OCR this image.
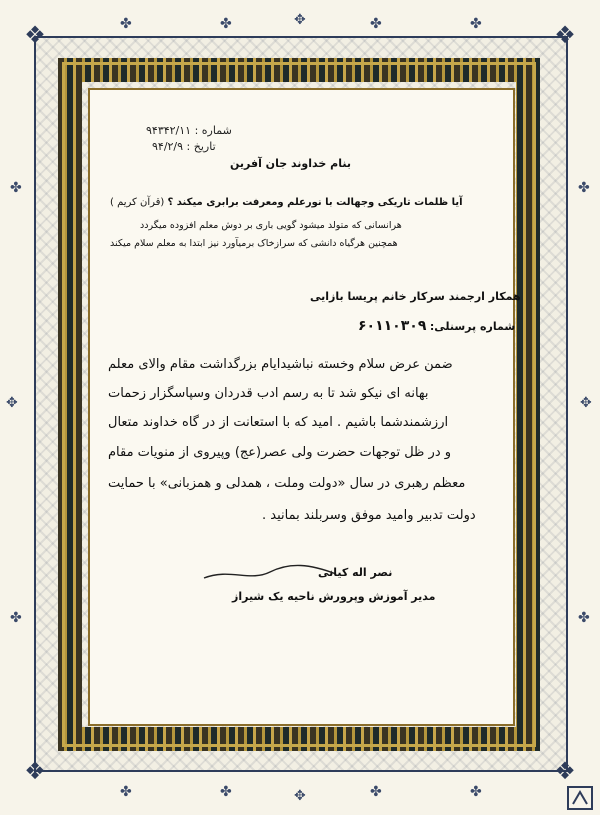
❖	❖
❖	❖
✤	✤	✥	✤	✤
✤	✤	✥	✤	✤
✤
✥
✤
✤
✥
✤
شماره : ۹۴۳۴۲/۱۱
تاریخ : ۹۴/۲/۹
بنام خداوند جان آفرین
آیا ظلمات تاریکی وجهالت با نورعلم ومعرفت برابری میکند ؟ (قرآن کریم )
هرانسانی که متولد میشود گویی باری بر دوش معلم افزوده میگردد
همچنین هرگیاه دانشی که سرازخاک برمیآورد نیز ابتدا به معلم سلام میکند
همکار ارجمند سرکار خانم پریسا بازایی
شماره پرسنلی: ۶۰۱۱۰۳۰۹
ضمن عرض سلام وخسته نباشیدایام بزرگداشت مقام والای معلم
بهانه ای نیکو شد تا به رسم ادب قدردان وسپاسگزار زحمات
ارزشمندشما باشیم . امید که با استعانت از در گاه خداوند متعال
و در ظل توجهات حضرت ولی عصر(عج) وپیروی از منویات مقام
معظم رهبری در سال «دولت وملت ، همدلی و همزبانی» با حمایت
دولت تدبیر وامید موفق وسربلند بمانید .
نصر اله کیانی
مدیر آموزش وپرورش ناحیه یک شیراز
